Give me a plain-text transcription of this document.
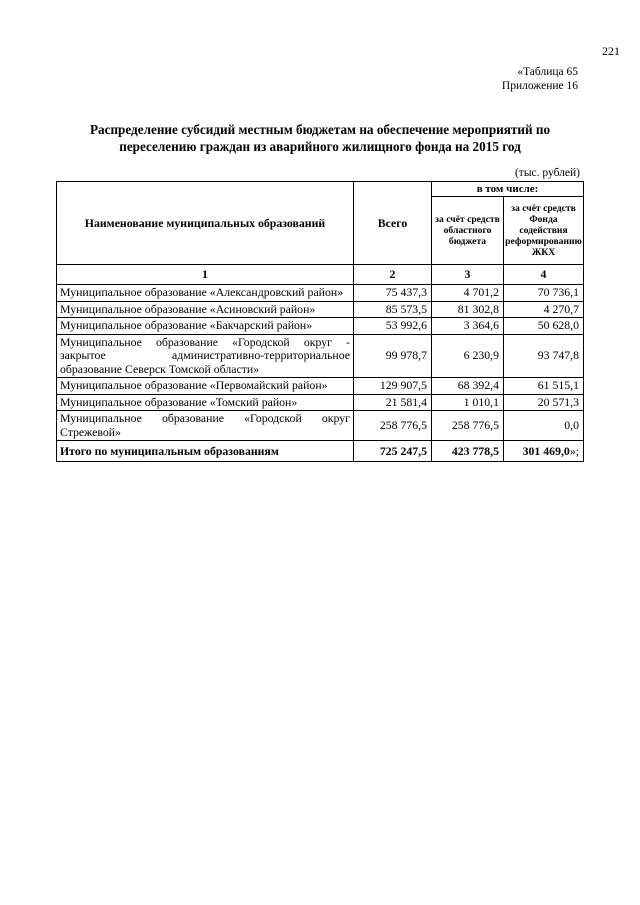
221
«Таблица 65
Приложение 16
Распределение субсидий местным бюджетам на обеспечение мероприятий по
переселению граждан из аварийного жилищного фонда на 2015 год
(тыс. рублей)
Наименование муниципальных образований	Всего	в том числе:	
		за счёт средств областного бюджета	за счёт средств Фонда содействия реформированию ЖКХ
1	2	3	4
Муниципальное образование «Александровский район»	75 437,3	4 701,2	70 736,1
Муниципальное образование «Асиновский район»	85 573,5	81 302,8	4 270,7
Муниципальное образование «Бакчарский район»	53 992,6	3 364,6	50 628,0
Муниципальное образование «Городской округ - закрытое административно-территориальное образование Северск Томской области»	99 978,7	6 230,9	93 747,8
Муниципальное образование «Первомайский район»	129 907,5	68 392,4	61 515,1
Муниципальное образование «Томский район»	21 581,4	1 010,1	20 571,3
Муниципальное образование «Городской округ Стрежевой»	258 776,5	258 776,5	0,0
Итого по муниципальным образованиям	725 247,5	423 778,5	301 469,0»;
